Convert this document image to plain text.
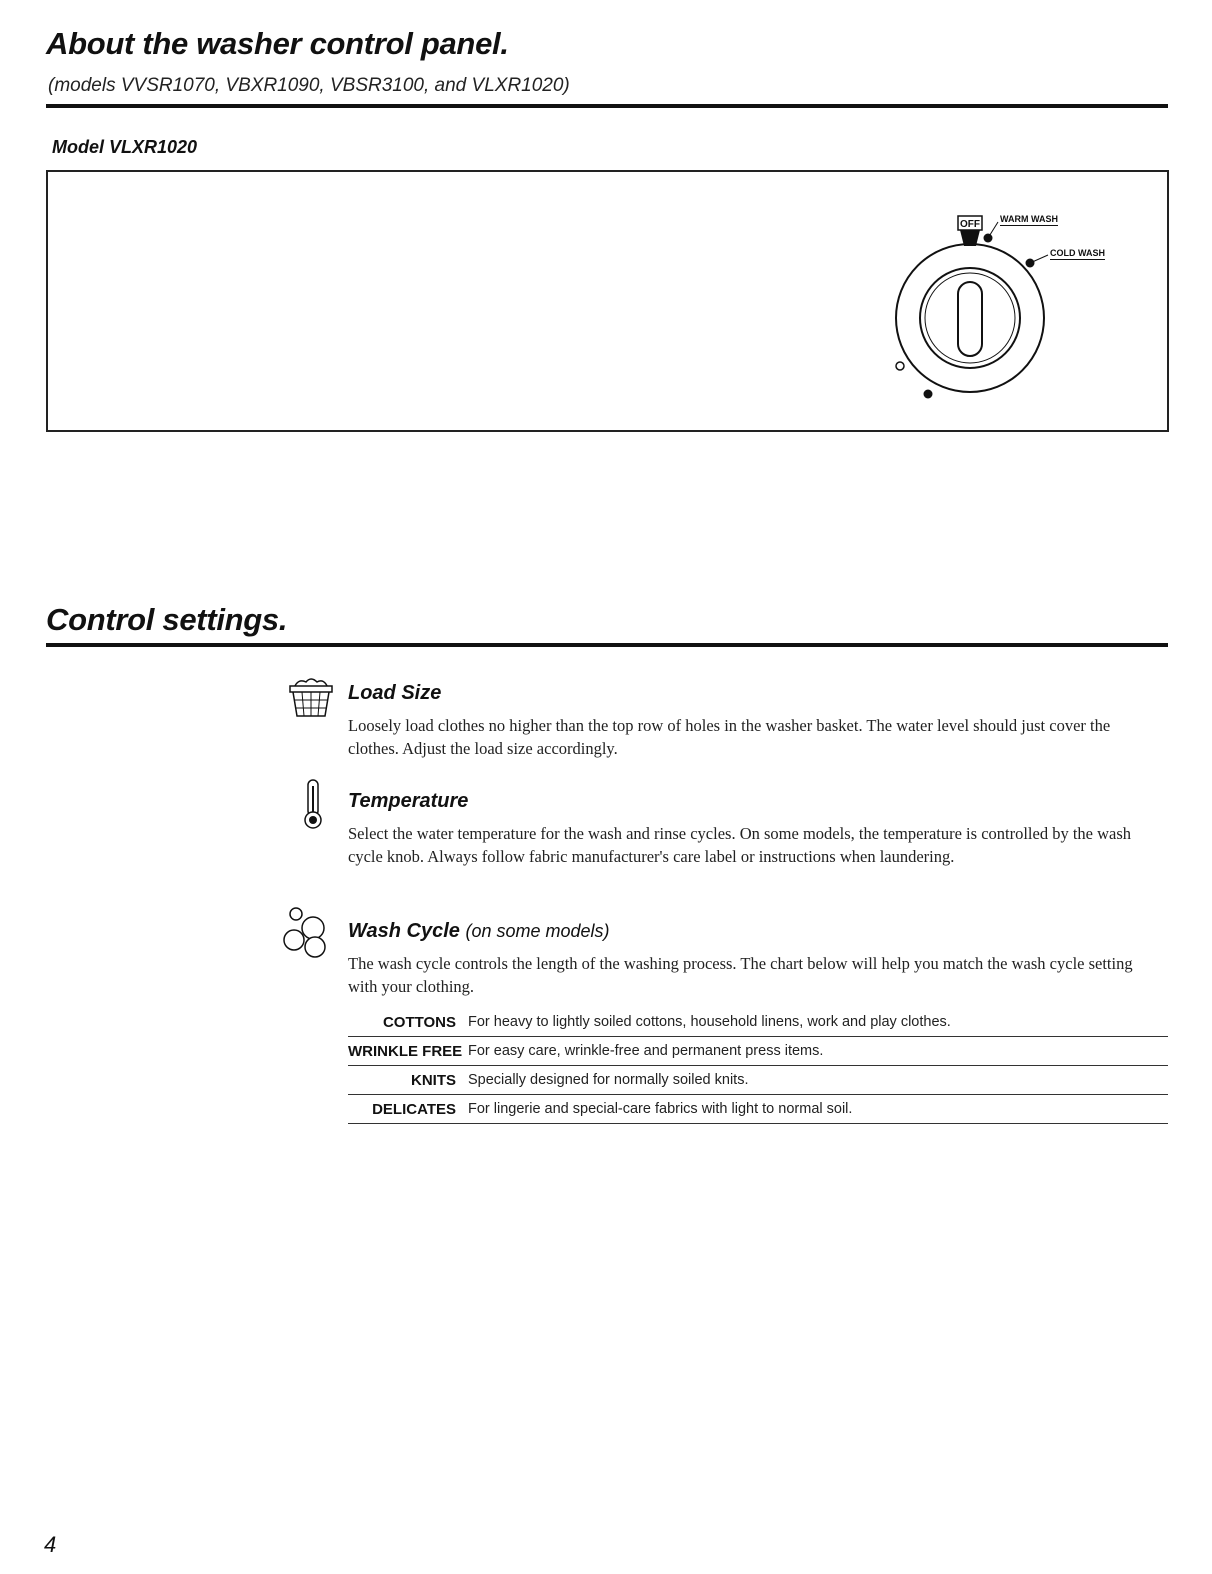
About the washer control panel.
(models VVSR1070, VBXR1090, VBSR3100, and VLXR1020)
Model VLXR1020
OFF WARM WASH
COLD WASH
Control settings.
Load Size
Loosely load clothes no higher than the top row of holes in the washer basket. The water level should just cover the clothes. Adjust the load size accordingly.
Temperature
Select the water temperature for the wash and rinse cycles. On some models, the temperature is controlled by the wash cycle knob. Always follow fabric manufacturer's care label or instructions when laundering.
Wash Cycle (on some models)
The wash cycle controls the length of the washing process. The chart below will help you match the wash cycle setting with your clothing.
COTTONS For heavy to lightly soiled cottons, household linens, work and play clothes.
WRINKLE FREE For easy care, wrinkle-free and permanent press items.
KNITS Specially designed for normally soiled knits.
DELICATES For lingerie and special-care fabrics with light to normal soil.
4
